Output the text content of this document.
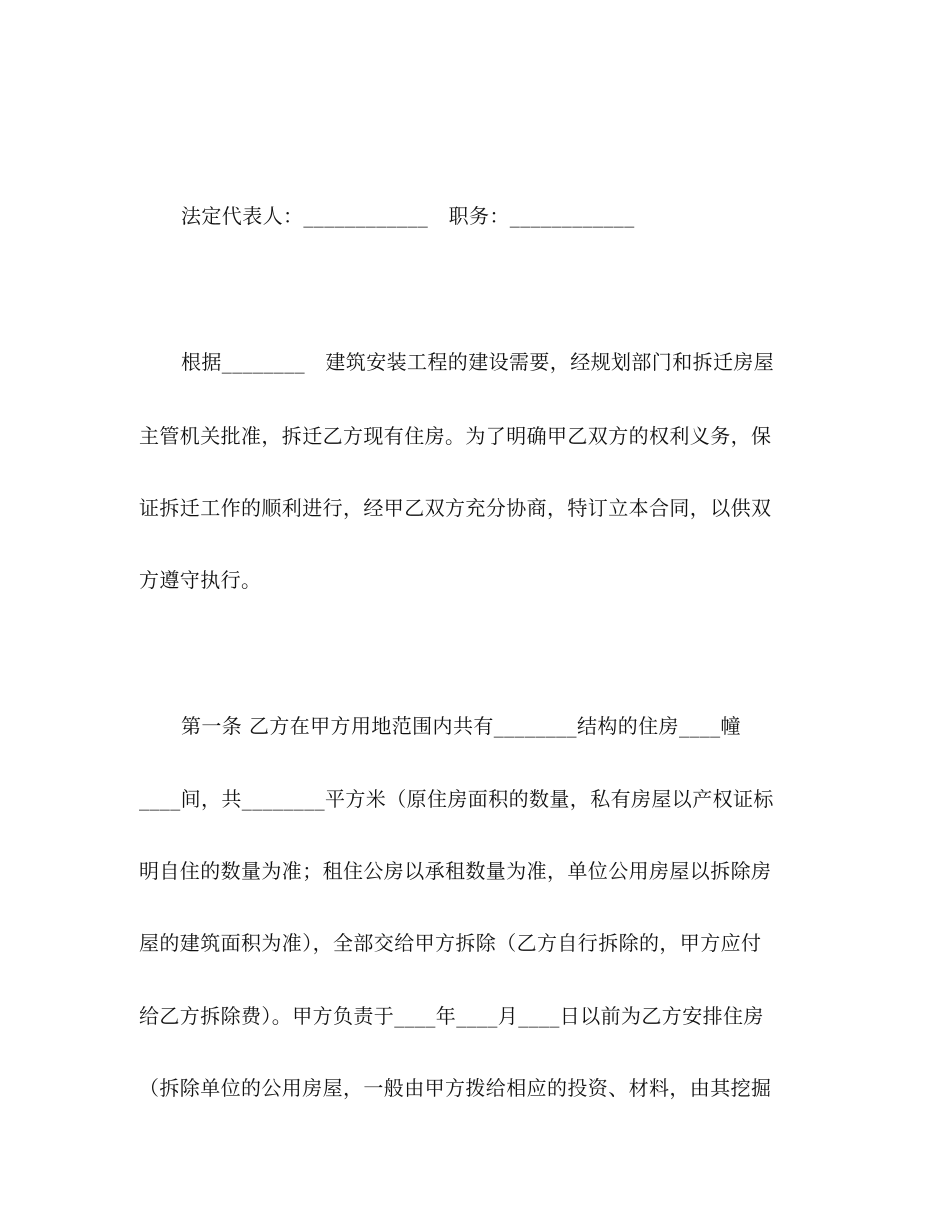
法定代表人：____________　职务：____________
根据________　建筑安装工程的建设需要，经规划部门和拆迁房屋
主管机关批准，拆迁乙方现有住房。为了明确甲乙双方的权利义务，保
证拆迁工作的顺利进行，经甲乙双方充分协商，特订立本合同，以供双
方遵守执行。
第一条 乙方在甲方用地范围内共有________结构的住房____幢
____间，共________平方米（原住房面积的数量，私有房屋以产权证标
明自住的数量为准；租住公房以承租数量为准，单位公用房屋以拆除房
屋的建筑面积为准），全部交给甲方拆除（乙方自行拆除的，甲方应付
给乙方拆除费）。甲方负责于____年____月____日以前为乙方安排住房
（拆除单位的公用房屋，一般由甲方拨给相应的投资、材料，由其挖掘
